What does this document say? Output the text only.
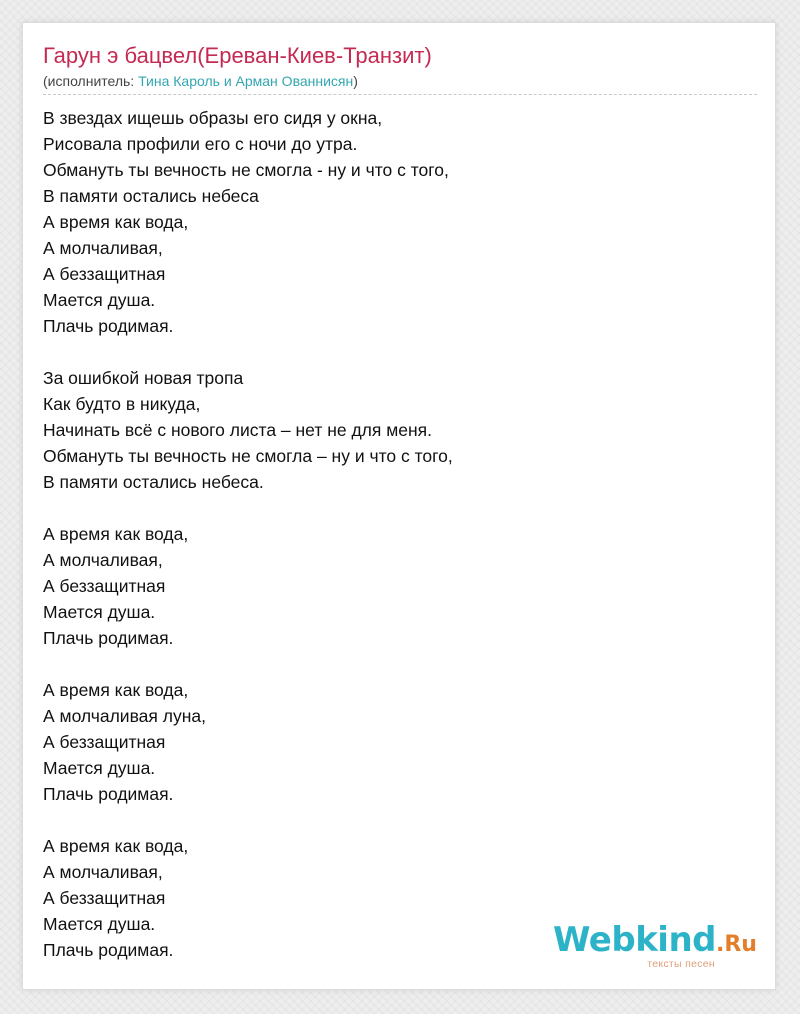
Гарун э бацвел(Ереван-Киев-Транзит)
(исполнитель: Тина Кароль и Арман Ованнисян)
В звездах ищешь образы его сидя у окна,
Рисовала профили его с ночи до утра.
Обмануть ты вечность не смогла - ну и что с того,
В памяти остались небеса
А время как вода,
А молчаливая,
А беззащитная
Мается душа.
Плачь родимая.
За ошибкой новая тропа
Как будто в никуда,
Начинать всё с нового листа – нет не для меня.
Обмануть ты вечность не смогла – ну и что с того,
В памяти остались небеса.
А время как вода,
А молчаливая,
А беззащитная
Мается душа.
Плачь родимая.
А время как вода,
А молчаливая луна,
А беззащитная
Мается душа.
Плачь родимая.
А время как вода,
А молчаливая,
А беззащитная
Мается душа.
Плачь родимая.	Webkind.Ru
тексты песен
